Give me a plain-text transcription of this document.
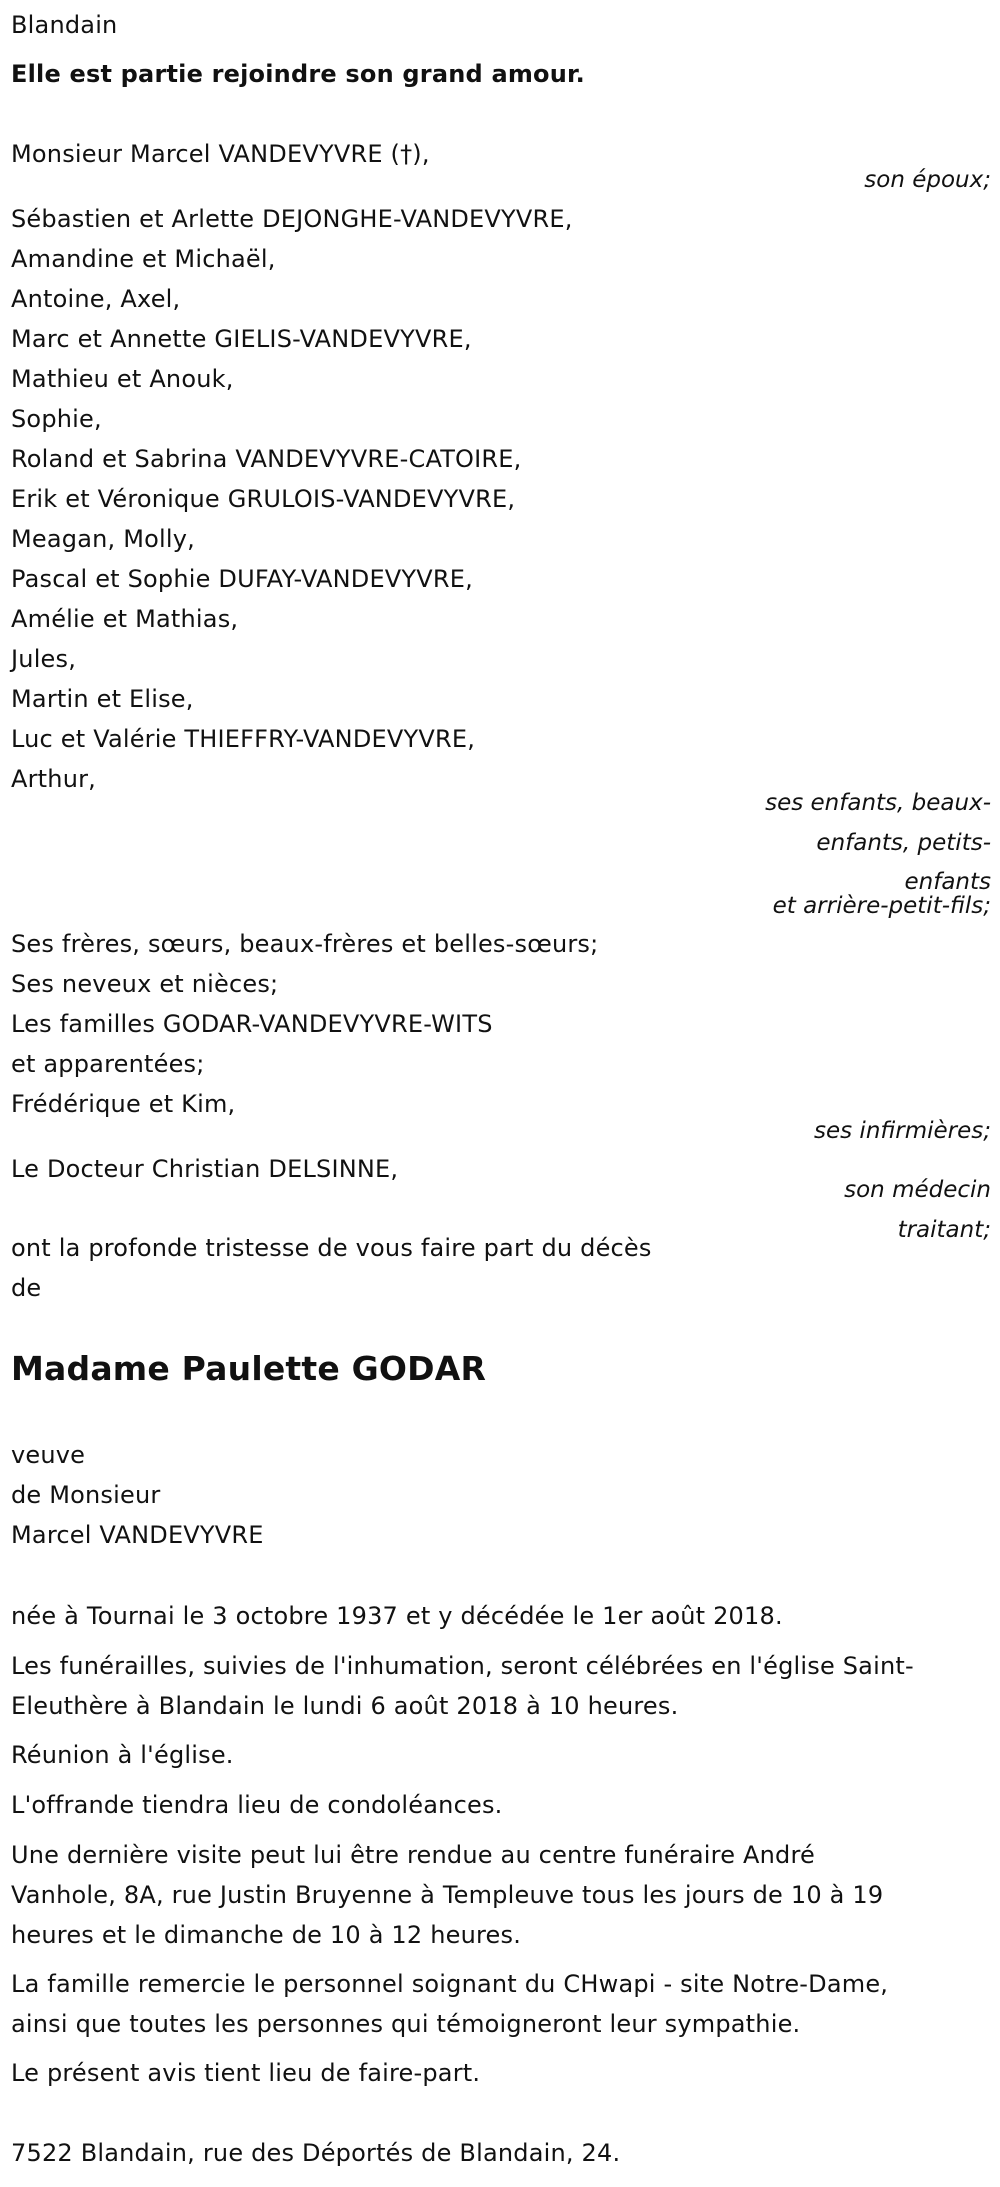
Blandain
Elle est partie rejoindre son grand amour.
Monsieur Marcel VANDEVYVRE (†),
son époux;
Sébastien et Arlette DEJONGHE-VANDEVYVRE,
Amandine et Michaël,
Antoine, Axel,
Marc et Annette GIELIS-VANDEVYVRE,
Mathieu et Anouk,
Sophie,
Roland et Sabrina VANDEVYVRE-CATOIRE,
Erik et Véronique GRULOIS-VANDEVYVRE,
Meagan, Molly,
Pascal et Sophie DUFAY-VANDEVYVRE,
Amélie et Mathias,
Jules,
Martin et Elise,
Luc et Valérie THIEFFRY-VANDEVYVRE,
Arthur,
ses enfants, beaux-
enfants, petits-
enfants
et arrière-petit-fils;
Ses frères, sœurs, beaux-frères et belles-sœurs;
Ses neveux et nièces;
Les familles GODAR-VANDEVYVRE-WITS
et apparentées;
Frédérique et Kim,
ses infirmières;
Le Docteur Christian DELSINNE,
son médecin
traitant;
ont la profonde tristesse de vous faire part du décès
de
Madame Paulette GODAR
veuve
de Monsieur
Marcel VANDEVYVRE
née à Tournai le 3 octobre 1937 et y décédée le 1er août 2018.
Les funérailles, suivies de l'inhumation, seront célébrées en l'église Saint-
Eleuthère à Blandain le lundi 6 août 2018 à 10 heures.
Réunion à l'église.
L'offrande tiendra lieu de condoléances.
Une dernière visite peut lui être rendue au centre funéraire André
Vanhole, 8A, rue Justin Bruyenne à Templeuve tous les jours de 10 à 19
heures et le dimanche de 10 à 12 heures.
La famille remercie le personnel soignant du CHwapi - site Notre-Dame,
ainsi que toutes les personnes qui témoigneront leur sympathie.
Le présent avis tient lieu de faire-part.
7522 Blandain, rue des Déportés de Blandain, 24.
